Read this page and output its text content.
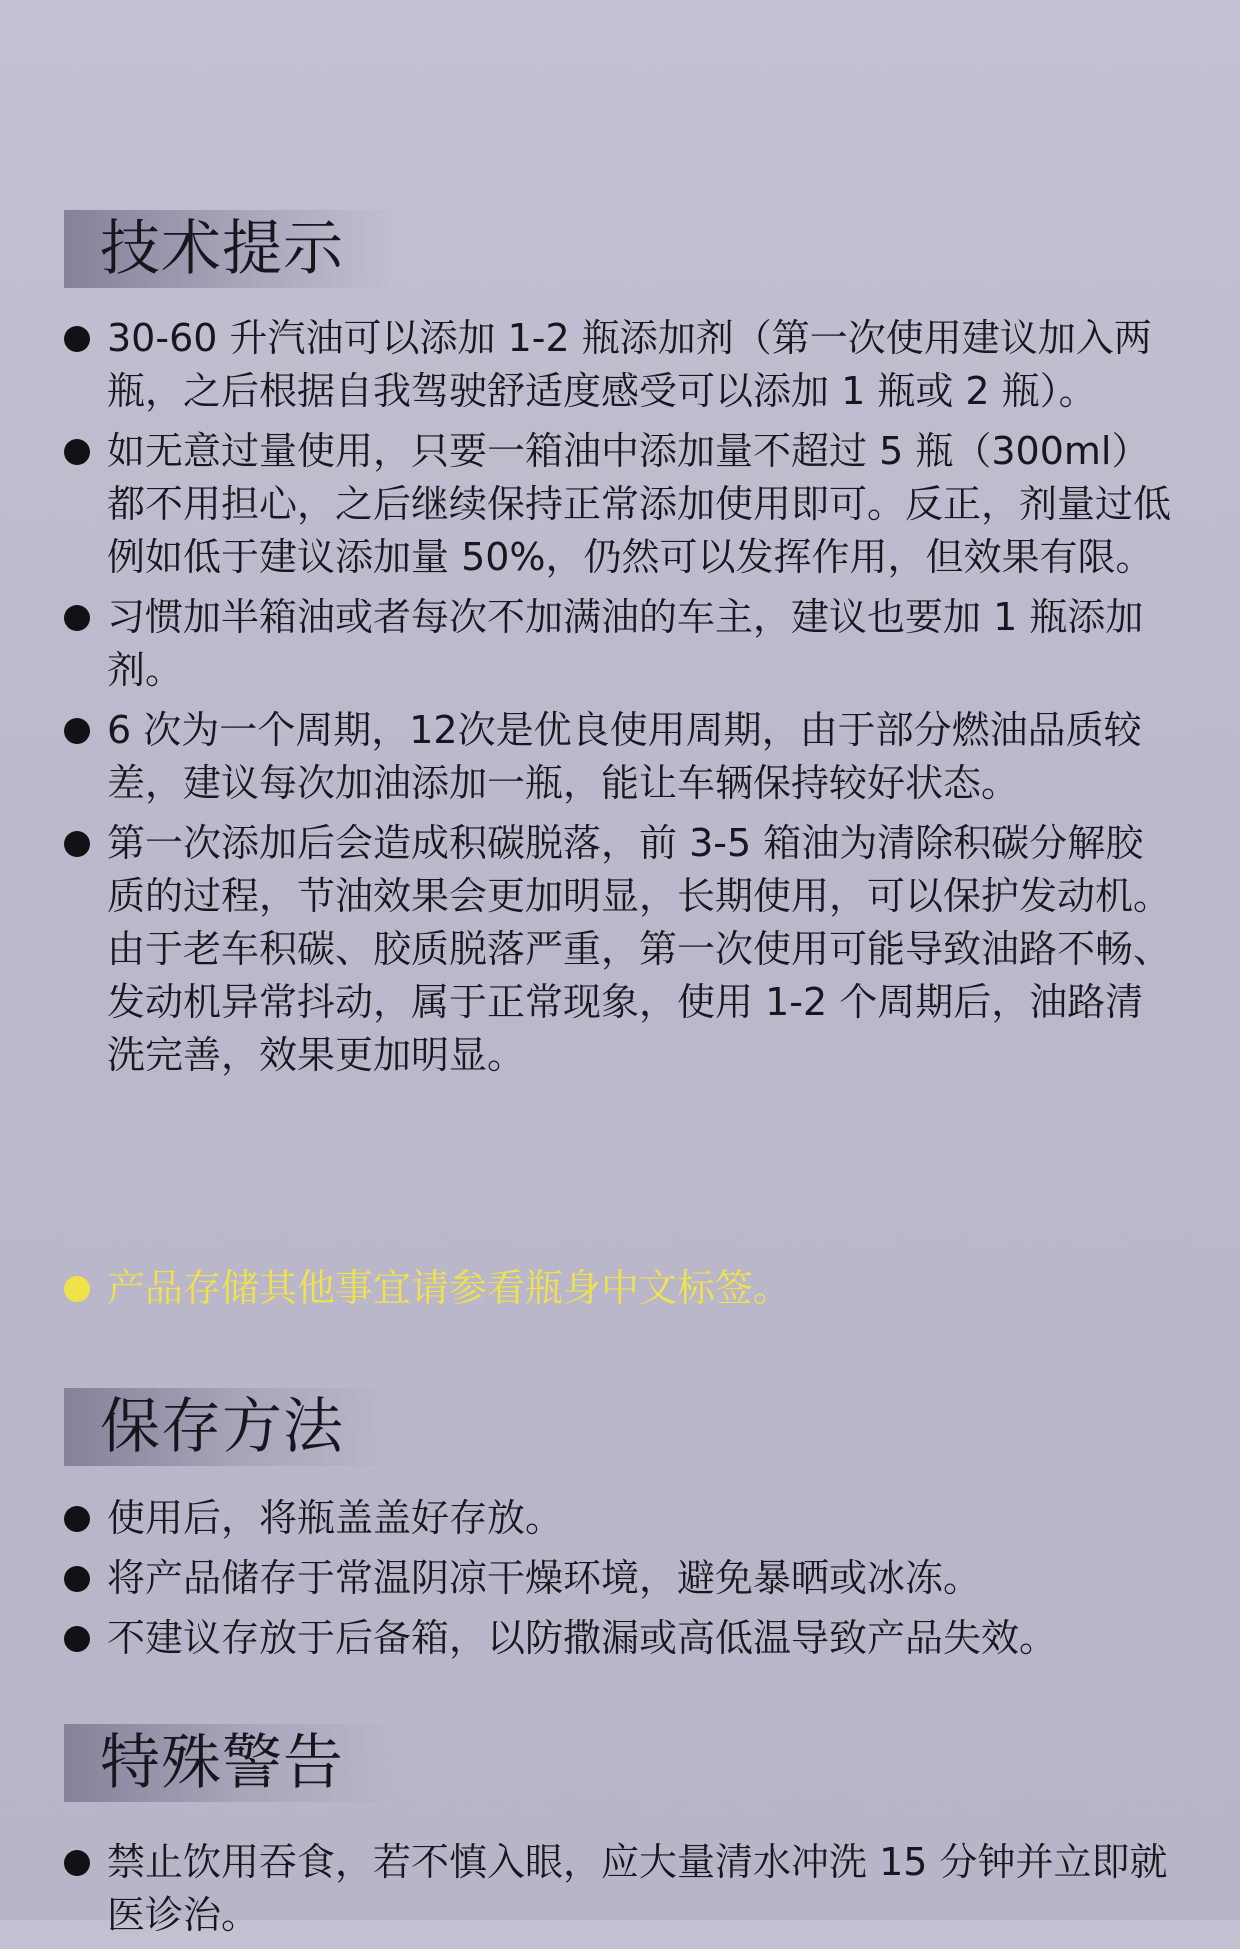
技术提示
30-60 升汽油可以添加 1-2 瓶添加剂（第一次使用建议加入两瓶，之后根据自我驾驶舒适度感受可以添加 1 瓶或 2 瓶）。
如无意过量使用，只要一箱油中添加量不超过 5 瓶（300ml）都不用担心，之后继续保持正常添加使用即可。反正，剂量过低例如低于建议添加量 50%，仍然可以发挥作用，但效果有限。
习惯加半箱油或者每次不加满油的车主，建议也要加 1 瓶添加剂。
6 次为一个周期，12次是优良使用周期，由于部分燃油品质较差，建议每次加油添加一瓶，能让车辆保持较好状态。
第一次添加后会造成积碳脱落，前 3-5 箱油为清除积碳分解胶质的过程，节油效果会更加明显，长期使用，可以保护发动机。由于老车积碳、胶质脱落严重，第一次使用可能导致油路不畅、发动机异常抖动，属于正常现象，使用 1-2 个周期后，油路清洗完善，效果更加明显。
产品存储其他事宜请参看瓶身中文标签。
保存方法
使用后，将瓶盖盖好存放。
将产品储存于常温阴凉干燥环境，避免暴晒或冰冻。
不建议存放于后备箱，以防撒漏或高低温导致产品失效。
特殊警告
禁止饮用吞食，若不慎入眼，应大量清水冲洗 15 分钟并立即就医诊治。
